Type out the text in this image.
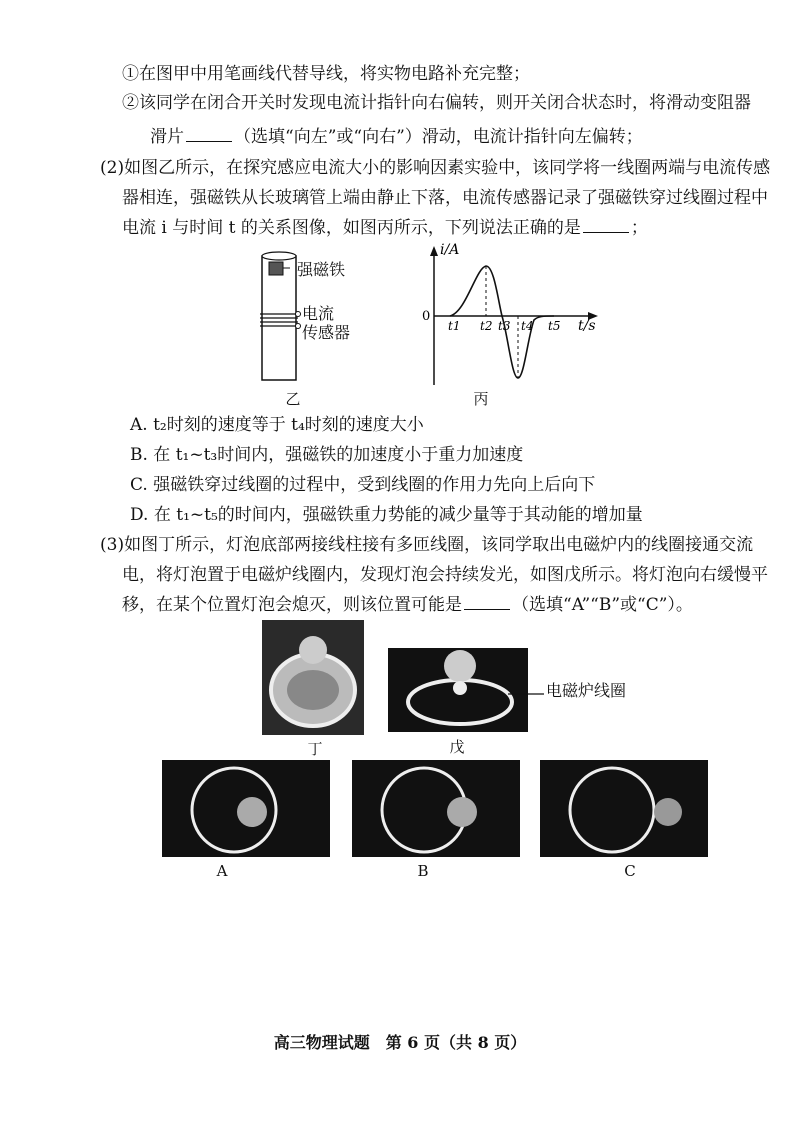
①在图甲中用笔画线代替导线，将实物电路补充完整；
②该同学在闭合开关时发现电流计指针向右偏转，则开关闭合状态时，将滑动变阻器
滑片	（选填“向左”或“向右”）滑动，电流计指针向左偏转；
(2)如图乙所示，在探究感应电流大小的影响因素实验中，该同学将一线圈两端与电流传感
器相连，强磁铁从长玻璃管上端由静止下落，电流传感器记录了强磁铁穿过线圈过程中
电流 i 与时间 t 的关系图像，如图丙所示，下列说法正确的是	；
强磁铁
电流
传感器
乙
i/A
0
t/s
t1 t2 t3 t4 t5
丙
A. t₂时刻的速度等于 t₄时刻的速度大小
B. 在 t₁~t₃时间内，强磁铁的加速度小于重力加速度
C. 强磁铁穿过线圈的过程中，受到线圈的作用力先向上后向下
D. 在 t₁~t₅的时间内，强磁铁重力势能的减少量等于其动能的增加量
(3)如图丁所示，灯泡底部两接线柱接有多匝线圈，该同学取出电磁炉内的线圈接通交流
电，将灯泡置于电磁炉线圈内，发现灯泡会持续发光，如图戊所示。将灯泡向右缓慢平
移，在某个位置灯泡会熄灭，则该位置可能是	（选填“A”“B”或“C”）。
丁
电磁炉线圈
戊
A	B	C
高三物理试题　第 6 页（共 8 页）
